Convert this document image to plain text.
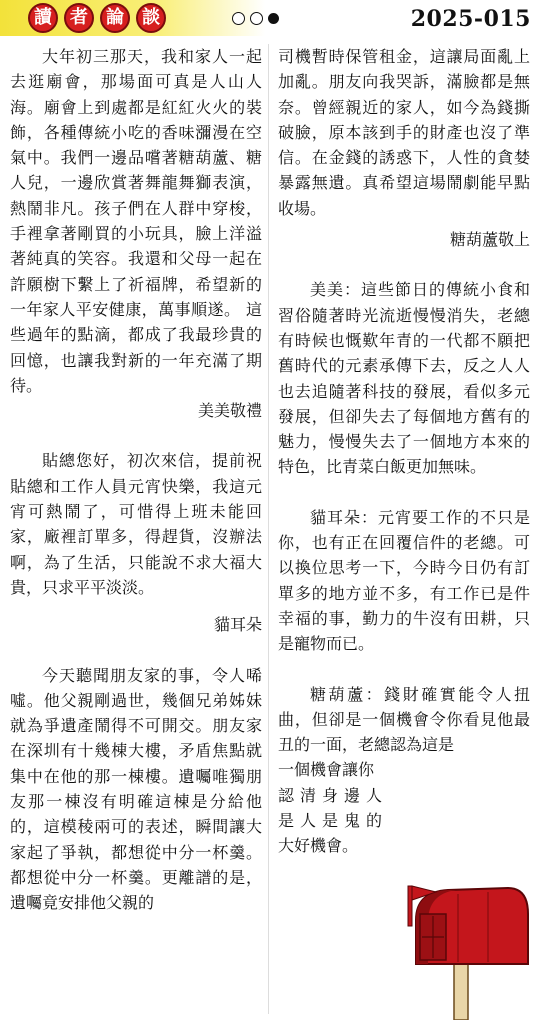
讀	者	論	談	2025-015

大年初三那天，我和家人一起去逛廟會，那場面可真是人山人海。廟會上到處都是紅紅火火的裝飾，各種傳統小吃的香味瀰漫在空氣中。我們一邊品嚐著糖葫蘆、糖人兒，一邊欣賞著舞龍舞獅表演，熱鬧非凡。孩子們在人群中穿梭，手裡拿著剛買的小玩具，臉上洋溢著純真的笑容。我還和父母一起在許願樹下繫上了祈福牌，希望新的一年家人平安健康，萬事順遂。 這些過年的點滴，都成了我最珍貴的回憶，也讓我對新的一年充滿了期待。

美美敬禮

貼總您好，初次來信，提前祝貼總和工作人員元宵快樂，我這元宵可熱鬧了，可惜得上班未能回家，廠裡訂單多，得趕貨，沒辦法啊，為了生活，只能說不求大福大貴，只求平平淡淡。

貓耳朵

今天聽聞朋友家的事，令人唏噓。他父親剛過世，幾個兄弟姊妹就為爭遺產鬧得不可開交。朋友家在深圳有十幾棟大樓，矛盾焦點就集中在他的那一棟樓。遺囑唯獨朋友那一棟沒有明確這棟是分給他的，這模稜兩可的表述，瞬間讓大家起了爭執，都想從中分一杯羹。都想從中分一杯羹。更離譜的是，遺囑竟安排他父親的

司機暫時保管租金，這讓局面亂上加亂。朋友向我哭訴，滿臉都是無奈。曾經親近的家人，如今為錢撕破臉，原本該到手的財產也沒了準信。在金錢的誘惑下，人性的貪婪暴露無遺。真希望這場鬧劇能早點收場。

糖葫蘆敬上

美美：這些節日的傳統小食和習俗隨著時光流逝慢慢消失，老總有時候也慨歎年青的一代都不願把舊時代的元素承傳下去，反之人人也去追隨著科技的發展，看似多元發展，但卻失去了每個地方舊有的魅力，慢慢失去了一個地方本來的特色，比青菜白飯更加無味。

貓耳朵：元宵要工作的不只是你，也有正在回覆信件的老總。可以換位思考一下，今時今日仍有訂單多的地方並不多，有工作已是件幸福的事，勤力的牛沒有田耕，只是寵物而已。

糖葫蘆：錢財確實能令人扭曲，但卻是一個機會令你看見他最丑的一面，老總認為這是

一個機會讓你
認清身邊人
是人是鬼的
大好機會。
